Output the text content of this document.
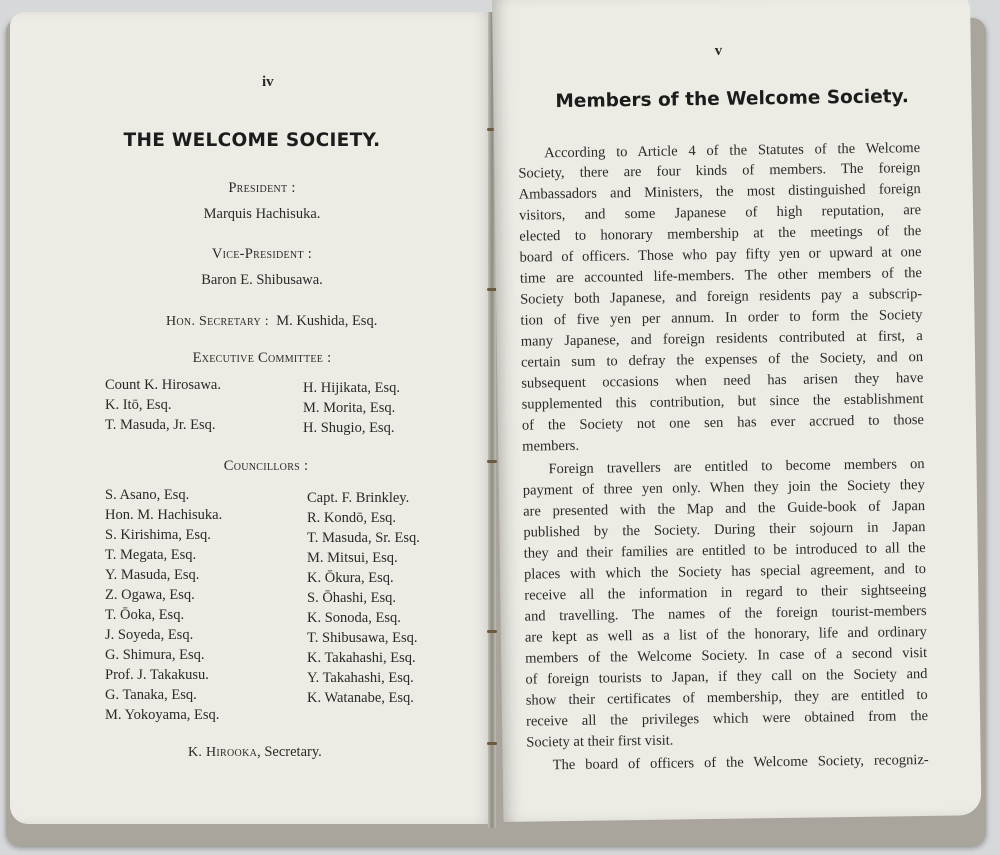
iv
THE WELCOME SOCIETY.
President :
Marquis Hachisuka.
Vice-President :
Baron E. Shibusawa.
Hon. Secretary : M. Kushida, Esq.
Executive Committee :
Count K. Hirosawa.
K. Itō, Esq.
T. Masuda, Jr. Esq.
H. Hijikata, Esq.
M. Morita, Esq.
H. Shugio, Esq.
Councillors :
S. Asano, Esq.
Hon. M. Hachisuka.
S. Kirishima, Esq.
T. Megata, Esq.
Y. Masuda, Esq.
Z. Ogawa, Esq.
T. Ōoka, Esq.
J. Soyeda, Esq.
G. Shimura, Esq.
Prof. J. Takakusu.
G. Tanaka, Esq.
M. Yokoyama, Esq.
Capt. F. Brinkley.
R. Kondō, Esq.
T. Masuda, Sr. Esq.
M. Mitsui, Esq.
K. Ōkura, Esq.
S. Ōhashi, Esq.
K. Sonoda, Esq.
T. Shibusawa, Esq.
K. Takahashi, Esq.
Y. Takahashi, Esq.
K. Watanabe, Esq.
K. Hirooka, Secretary.
v
Members of the Welcome Society.
According to Article 4 of the Statutes of the Welcome
Society, there are four kinds of members. The foreign
Ambassadors and Ministers, the most distinguished foreign
visitors, and some Japanese of high reputation, are
elected to honorary membership at the meetings of the
board of officers. Those who pay fifty yen or upward at one
time are accounted life-members. The other members of the
Society both Japanese, and foreign residents pay a subscrip-
tion of five yen per annum. In order to form the Society
many Japanese, and foreign residents contributed at first, a
certain sum to defray the expenses of the Society, and on
subsequent occasions when need has arisen they have
supplemented this contribution, but since the establishment
of the Society not one sen has ever accrued to those
members.
Foreign travellers are entitled to become members on
payment of three yen only. When they join the Society they
are presented with the Map and the Guide-book of Japan
published by the Society. During their sojourn in Japan
they and their families are entitled to be introduced to all the
places with which the Society has special agreement, and to
receive all the information in regard to their sightseeing
and travelling. The names of the foreign tourist-members
are kept as well as a list of the honorary, life and ordinary
members of the Welcome Society. In case of a second visit
of foreign tourists to Japan, if they call on the Society and
show their certificates of membership, they are entitled to
receive all the privileges which were obtained from the
Society at their first visit.
The board of officers of the Welcome Society, recogniz-
